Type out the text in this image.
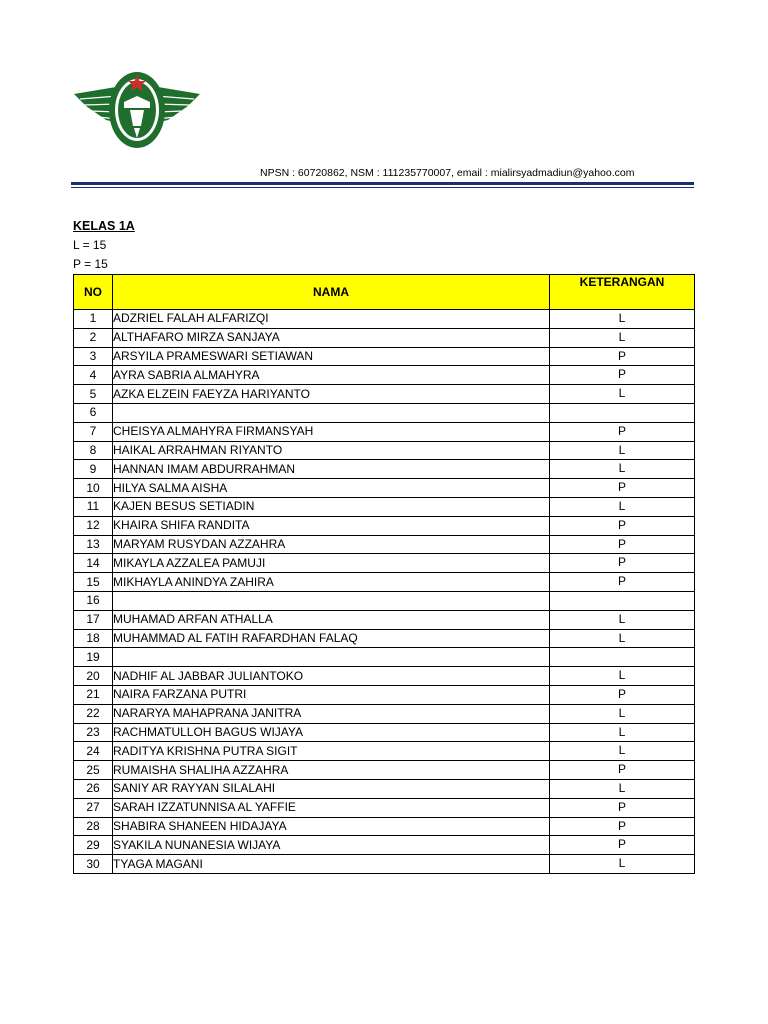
NPSN : 60720862, NSM : 111235770007, email : mialirsyadmadiun@yahoo.com
KELAS 1A
L = 15
P = 15
NO	NAMA	KETERANGAN
1	ADZRIEL FALAH ALFARIZQI	L
2	ALTHAFARO MIRZA SANJAYA	L
3	ARSYILA PRAMESWARI SETIAWAN	P
4	AYRA SABRIA ALMAHYRA	P
5	AZKA ELZEIN FAEYZA HARIYANTO	L
6		
7	CHEISYA ALMAHYRA FIRMANSYAH	P
8	HAIKAL ARRAHMAN RIYANTO	L
9	HANNAN IMAM ABDURRAHMAN	L
10	HILYA SALMA AISHA	P
11	KAJEN BESUS SETIADIN	L
12	KHAIRA SHIFA RANDITA	P
13	MARYAM RUSYDAN AZZAHRA	P
14	MIKAYLA AZZALEA PAMUJI	P
15	MIKHAYLA ANINDYA ZAHIRA	P
16		
17	MUHAMAD ARFAN ATHALLA	L
18	MUHAMMAD AL FATIH RAFARDHAN FALAQ	L
19		
20	NADHIF AL JABBAR JULIANTOKO	L
21	NAIRA FARZANA PUTRI	P
22	NARARYA MAHAPRANA JANITRA	L
23	RACHMATULLOH BAGUS WIJAYA	L
24	RADITYA KRISHNA PUTRA SIGIT	L
25	RUMAISHA SHALIHA AZZAHRA	P
26	SANIY AR RAYYAN SILALAHI	L
27	SARAH IZZATUNNISA AL YAFFIE	P
28	SHABIRA SHANEEN HIDAJAYA	P
29	SYAKILA NUNANESIA WIJAYA	P
30	TYAGA MAGANI	L
